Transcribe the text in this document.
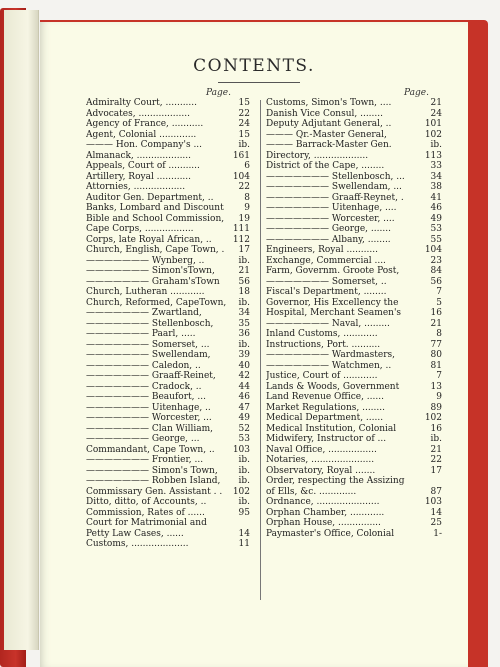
CONTENTS.
Page.	Page.
Admiralty Court, ...........	15
Advocates, ..................	22
Agency of France, ...........	24
Agent, Colonial .............	15
——— Hon. Company's ...	ib.
Almanack, ...................	161
Appeals, Court of ...........	6
Artillery, Royal ............	104
Attornies, ..................	22
Auditor Gen. Department, ..	8
Banks, Lombard and Discount	9
Bible and School Commission,	19
Cape Corps, .................	111
Corps, late Royal African, ..	112
Church, English, Cape Town, .	17
——————— Wynberg, ..	ib.
——————— Simon'sTown,	21
——————— Graham'sTown	56
Church, Lutheran ............	18
Church, Reformed, CapeTown,	ib.
——————— Zwartland,	34
——————— Stellenbosch,	35
——————— Paarl, .....	36
——————— Somerset, ...	ib.
——————— Swellendam,	39
——————— Caledon, ..	40
——————— Graaff-Reinet,	42
——————— Cradock, ..	44
——————— Beaufort, ...	46
——————— Uitenhage, ..	47
——————— Worcester, ...	49
——————— Clan William,	52
——————— George, ...	53
Commandant, Cape Town, ..	103
——————— Frontier, ...	ib.
——————— Simon's Town,	ib.
——————— Robben Island,	ib.
Commissary Gen. Assistant . .	102
Ditto, ditto, of Accounts, ..	ib.
Commission, Rates of ......	95
Court for Matrimonial and
Petty Law Cases, ......	14
Customs, ....................	11
Customs, Simon's Town, ....	21
Danish Vice Consul, ........	24
Deputy Adjutant General, ..	101
——— Qr.-Master General,	102
——— Barrack-Master Gen.	ib.
Directory, ...................	113
District of the Cape, ........	33
——————— Stellenbosch, ...	34
——————— Swellendam, ...	38
——————— Graaff-Reynet, .	41
——————— Uitenhage, ....	46
——————— Worcester, ....	49
——————— George, .......	53
——————— Albany, ........	55
Engineers, Royal ...........	104
Exchange, Commercial ....	23
Farm, Governm. Groote Post,	84
——————— Somerset, ..	56
Fiscal's Department, ........	7
Governor, His Excellency the	5
Hospital, Merchant Seamen's	16
——————— Naval, .........	21
Inland Customs, ............	8
Instructions, Port. ..........	77
——————— Wardmasters,	80
——————— Watchmen, ..	81
Justice, Court of ............	7
Lands & Woods, Government	13
Land Revenue Office, ......	9
Market Regulations, ........	89
Medical Department, ......	102
Medical Institution, Colonial	16
Midwifery, Instructor of ...	ib.
Naval Office, .................	21
Notaries, ......................	22
Observatory, Royal .......	17
Order, respecting the Assizing
of Ells, &c. .............	87
Ordnance, ......................	103
Orphan Chamber, ............	14
Orphan House, ...............	25
Paymaster's Office, Colonial	1-
